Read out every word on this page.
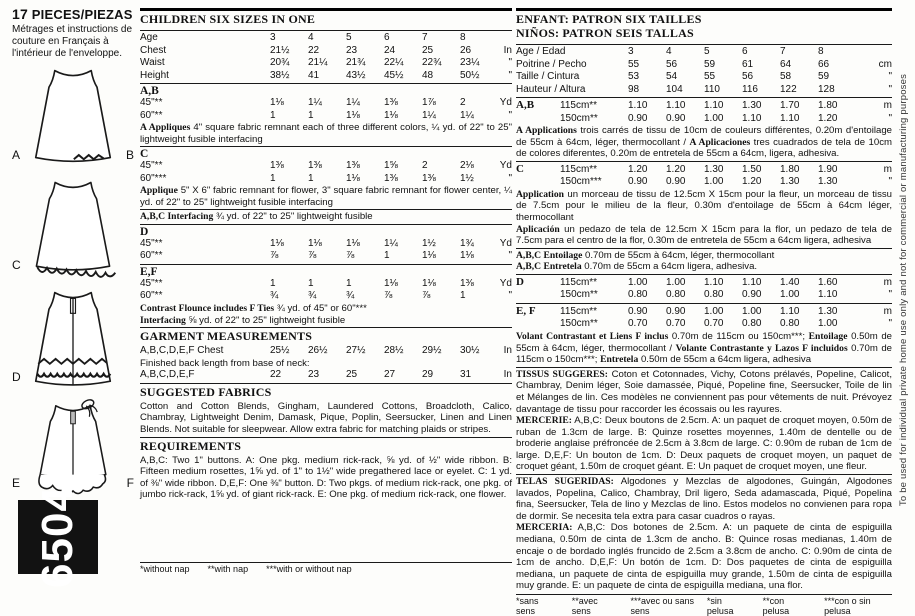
17 PIECES/PIEZAS
Métrages et instructions de couture en Français à l'intérieur de l'enveloppe.
A	B
C
D
E	F
6504
CHILDREN SIX SIZES IN ONE
Age	3	4	5	6	7	8
Chest	21½	22	23	24	25	26	In
Waist	20¾	21¼	21¾	22¼	22¾	23¼	"
Height	38½	41	43½	45½	48	50½	"
A,B
45"**	1⅛	1¼	1¼	1⅜	1⅞	2	Yd
60"**	1	1	1⅛	1⅛	1¼	1¼	"
A Appliques 4" square fabric remnant each of three different colors, ¼ yd. of 22" to 25" lightweight fusible interfacing
C
45"**	1⅜	1⅜	1⅜	1⅝	2	2⅛	Yd
60"***	1	1	1⅛	1⅜	1⅜	1½	"
Applique 5" X 6" fabric remnant for flower, 3" square fabric remnant for flower center, ¼ yd. of 22" to 25" lightweight fusible interfacing
A,B,C Interfacing ¾ yd. of 22" to 25" lightweight fusible
D
45"**	1⅛	1⅛	1⅛	1¼	1½	1¾	Yd
60"**	⅞	⅞	⅞	1	1⅛	1⅛	"
E,F
45"**	1	1	1	1⅛	1⅛	1⅜	Yd
60"**	¾	¾	¾	⅞	⅞	1	"
Contrast Flounce includes F Ties ¾ yd. of 45" or 60"***
Interfacing ⅝ yd. of 22" to 25" lightweight fusible
GARMENT MEASUREMENTS
A,B,C,D,E,F Chest	25½	26½	27½	28½	29½	30½	In
Finished back length from base of neck:
A,B,C,D,E,F	22	23	25	27	29	31	In
SUGGESTED FABRICS
Cotton and Cotton Blends, Gingham, Laundered Cottons, Broadcloth, Calico, Chambray, Lightweight Denim, Damask, Pique, Poplin, Seersucker, Linen and Linen Blends. Not suitable for sleepwear. Allow extra fabric for matching plaids or stripes.
REQUIREMENTS
A,B,C: Two 1" buttons. A: One pkg. medium rick-rack, ⅝ yd. of ½" wide ribbon. B: Fifteen medium rosettes, 1⅝ yd. of 1" to 1½" wide pregathered lace or eyelet. C: 1 yd. of ⅜" wide ribbon. D,E,F: One ⅜" button. D: Two pkgs. of medium rick-rack, one pkg. of jumbo rick-rack, 1⅝ yd. of giant rick-rack. E: One pkg. of medium rick-rack, one flower.
*without nap **with nap ***with or without nap
ENFANT: PATRON SIX TAILLES
NIÑOS: PATRON SEIS TALLAS
Age / Edad	3	4	5	6	7	8
Poitrine / Pecho	55	56	59	61	64	66	cm
Taille / Cintura	53	54	55	56	58	59	"
Hauteur / Altura	98	104	110	116	122	128	"
A,B	115cm**	1.10	1.10	1.10	1.30	1.70	1.80	m
150cm**	0.90	0.90	1.00	1.10	1.10	1.20	"
A Applications trois carrés de tissu de 10cm de couleurs différentes, 0.20m d'entoilage de 55cm à 64cm, léger, thermocollant / A Aplicaciones tres cuadrados de tela de 10cm de colores diferentes, 0.20m de entretela de 55cm a 64cm, ligera, adhesiva.
C	115cm**	1.20	1.20	1.30	1.50	1.80	1.90	m
150cm***	0.90	0.90	1.00	1.20	1.30	1.30	"
Application un morceau de tissu de 12.5cm X 15cm pour la fleur, un morceau de tissu de 7.5cm pour le milieu de la fleur, 0.30m d'entoilage de 55cm à 64cm léger, thermocollant
Aplicación un pedazo de tela de 12.5cm X 15cm para la flor, un pedazo de tela de 7.5cm para el centro de la flor, 0.30m de entretela de 55cm a 64cm ligera, adhesiva
A,B,C Entoilage 0.70m de 55cm à 64cm, léger, thermocollant
A,B,C Entretela 0.70m de 55cm a 64cm ligera, adhesiva.
D	115cm**	1.00	1.00	1.10	1.10	1.40	1.60	m
150cm**	0.80	0.80	0.80	0.90	1.00	1.10	"
E, F	115cm**	0.90	0.90	1.00	1.00	1.10	1.30	m
150cm**	0.70	0.70	0.70	0.80	0.80	1.00	"
Volant Contrastant et Liens F inclus 0.70m de 115cm ou 150cm***; Entoilage 0.50m de 55cm à 64cm, léger, thermocollant / Volante Contrastante y Lazos F incluidos 0.70m de 115cm o 150cm***; Entretela 0.50m de 55cm a 64cm ligera, adhesiva
TISSUS SUGGERES: Coton et Cotonnades, Vichy, Cotons prélavés, Popeline, Calicot, Chambray, Denim léger, Soie damassée, Piqué, Popeline fine, Seersucker, Toile de lin et Mélanges de lin. Ces modèles ne conviennent pas pour vêtements de nuit. Prévoyez davantage de tissu pour raccorder les écossais ou les rayures.
MERCERIE: A,B,C: Deux boutons de 2.5cm. A: un paquet de croquet moyen, 0.50m de ruban de 1.3cm de large. B: Quinze rosettes moyennes, 1.40m de dentelle ou de broderie anglaise préfroncée de 2.5cm à 3.8cm de large. C: 0.90m de ruban de 1cm de large. D,E,F: Un bouton de 1cm. D: Deux paquets de croquet moyen, un paquet de croquet géant, 1.50m de croquet géant. E: Un paquet de croquet moyen, une fleur.
TELAS SUGERIDAS: Algodones y Mezclas de algodones, Guingán, Algodones lavados, Popelina, Calico, Chambray, Dril ligero, Seda adamascada, Piqué, Popelina fina, Seersucker, Tela de lino y Mezclas de lino. Estos modelos no convienen para ropa de dormir. Se necesita tela extra para casar cuadros o rayas.
MERCERIA: A,B,C: Dos botones de 2.5cm. A: un paquete de cinta de espiguilla mediana, 0.50m de cinta de 1.3cm de ancho. B: Quince rosas medianas, 1.40m de encaje o de bordado inglés fruncido de 2.5cm a 3.8cm de ancho. C: 0.90m de cinta de 1cm de ancho. D,E,F: Un botón de 1cm. D: Dos paquetes de cinta de espiguilla mediana, un paquete de cinta de espiguilla muy grande, 1.50m de cinta de espiguilla muy grande. E: un paquete de cinta de espiguilla mediana, una flor.
*sans sens
**avec sens
***avec ou sans sens
*sin pelusa
**con pelusa
***con o sin pelusa
To be used for individual private home use only and not for commercial or manufacturing purposes
